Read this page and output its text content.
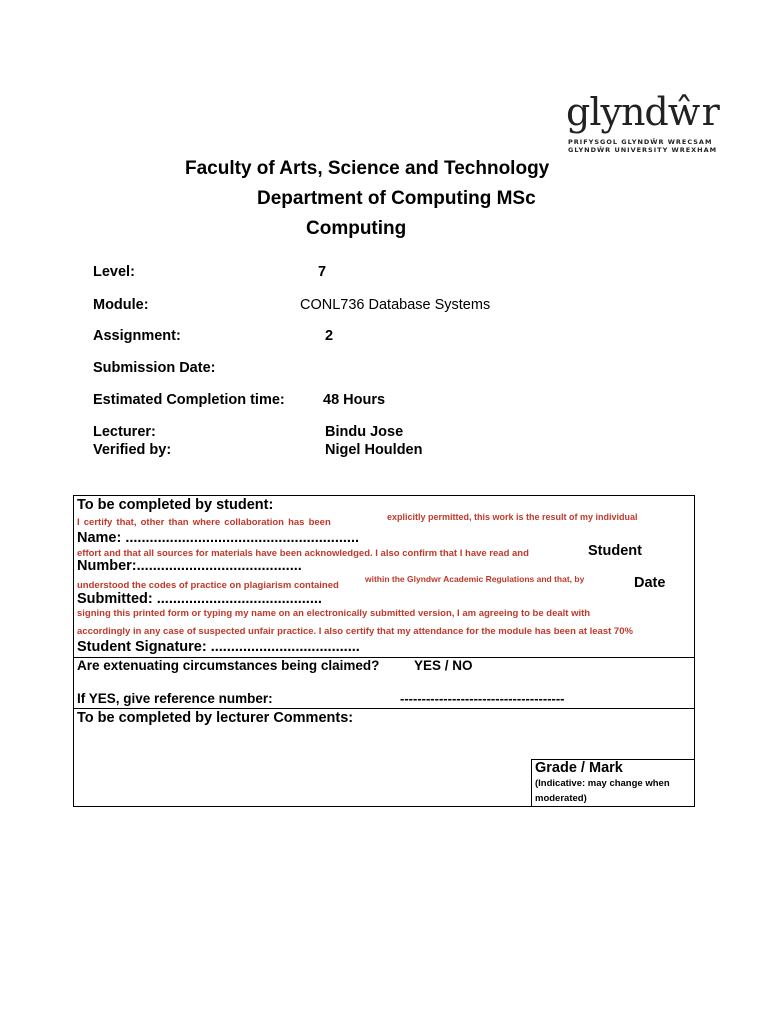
glyndŵr
PRIFYSGOL GLYNDŴR WRECSAM
GLYNDŴR UNIVERSITY WREXHAM
Faculty of Arts, Science and Technology
Department of Computing MSc
Computing
Level:	7
Module:	CONL736 Database Systems
Assignment:	2
Submission Date:
Estimated Completion time:	48 Hours
Lecturer:	Bindu Jose
Verified by:	Nigel Houlden
To be completed by student:
I certify that, other than where collaboration has been	explicitly permitted, this work is the result of my individual
Name: ..........................................................
effort and that all sources for materials have been acknowledged. I also confirm that I have read and	Student
Number:.........................................
understood the codes of practice on plagiarism contained
within the Glyndwr Academic Regulations and that, by	Date
Submitted: .........................................
signing this printed form or typing my name on an electronically submitted version, I am agreeing to be dealt with
accordingly in any case of suspected unfair practice. I also certify that my attendance for the module has been at least 70%
Student Signature: .....................................
Are extenuating circumstances being claimed?	YES / NO
If YES, give reference number:	--------------------------------------
To be completed by lecturer Comments:
Grade / Mark
(Indicative: may change when
moderated)
